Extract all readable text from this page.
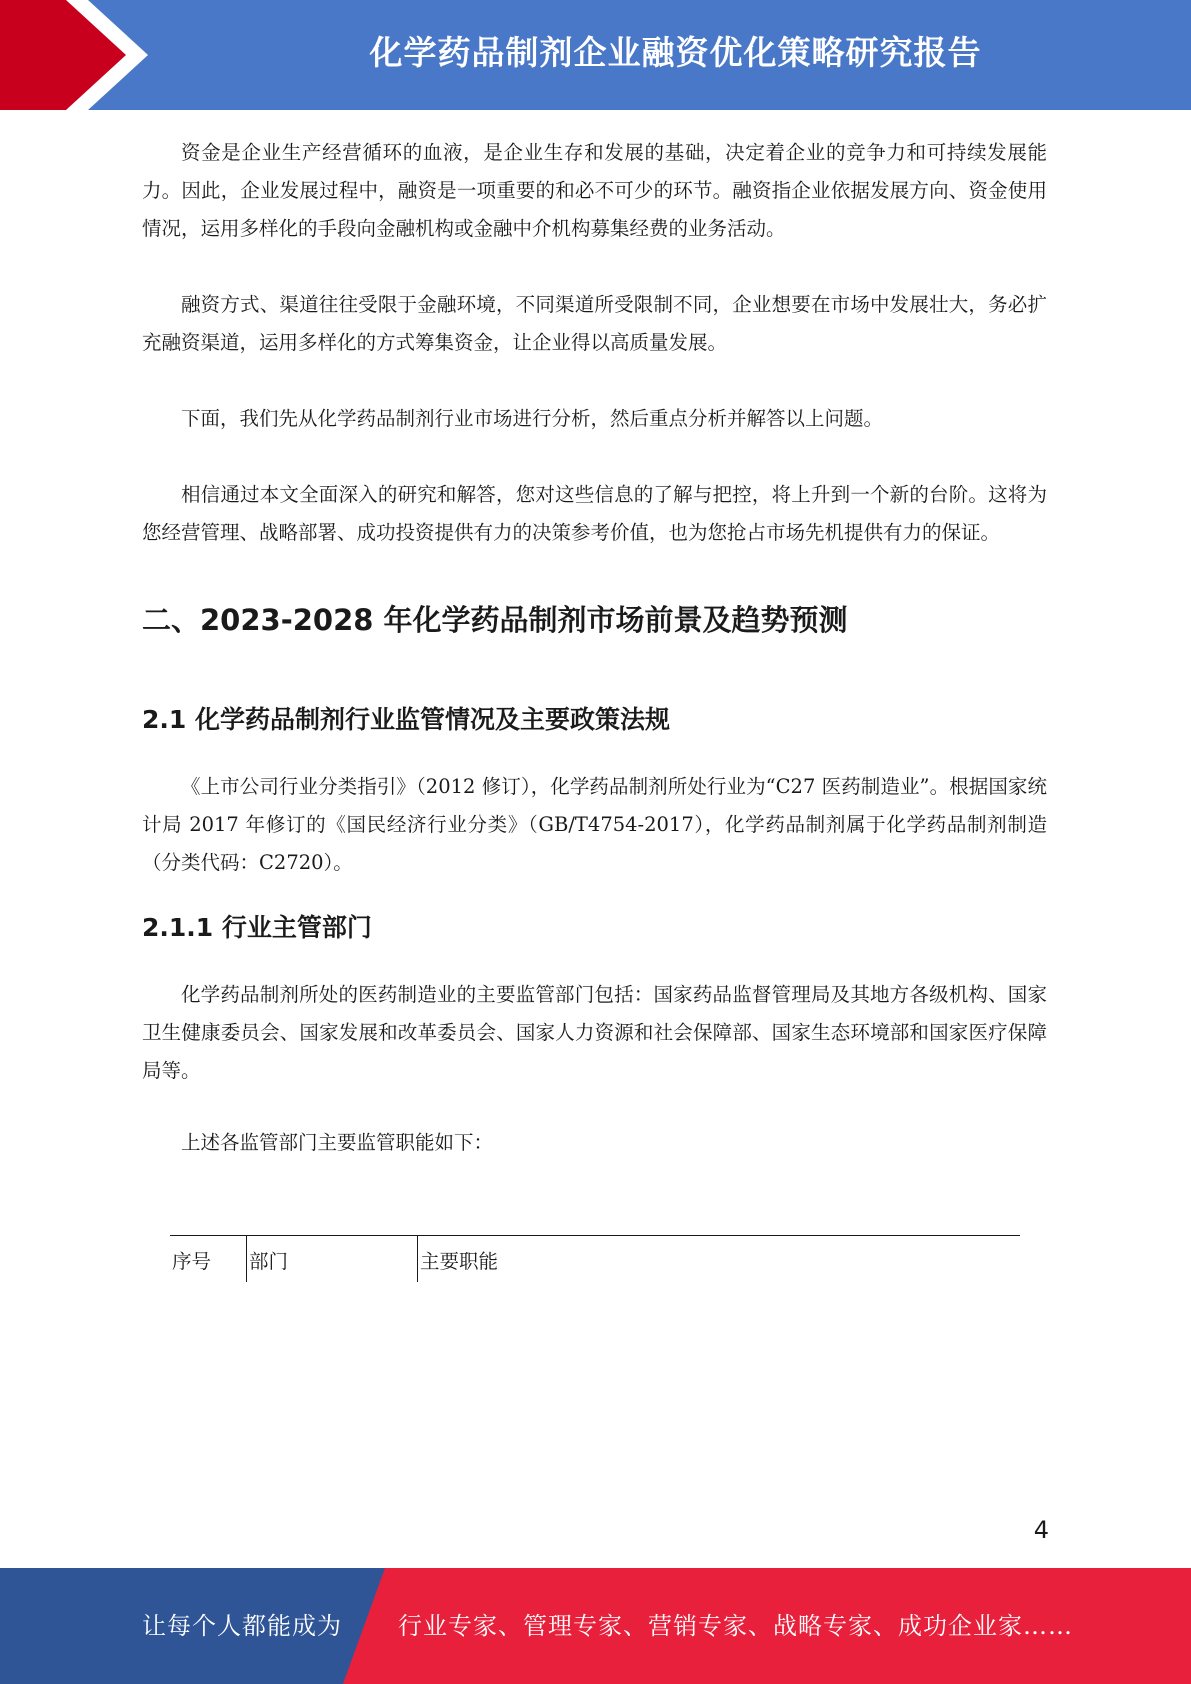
化学药品制剂企业融资优化策略研究报告

资金是企业生产经营循环的血液，是企业生存和发展的基础，决定着企业的竞争力和可持续发展能力。因此，企业发展过程中，融资是一项重要的和必不可少的环节。融资指企业依据发展方向、资金使用情况，运用多样化的手段向金融机构或金融中介机构募集经费的业务活动。

融资方式、渠道往往受限于金融环境，不同渠道所受限制不同，企业想要在市场中发展壮大，务必扩充融资渠道，运用多样化的方式筹集资金，让企业得以高质量发展。

下面，我们先从化学药品制剂行业市场进行分析，然后重点分析并解答以上问题。

相信通过本文全面深入的研究和解答，您对这些信息的了解与把控，将上升到一个新的台阶。这将为您经营管理、战略部署、成功投资提供有力的决策参考价值，也为您抢占市场先机提供有力的保证。

二、2023-2028 年化学药品制剂市场前景及趋势预测
2.1 化学药品制剂行业监管情况及主要政策法规

《上市公司行业分类指引》（2012 修订），化学药品制剂所处行业为“C27 医药制造业”。根据国家统计局 2017 年修订的《国民经济行业分类》（GB/T4754-2017），化学药品制剂属于化学药品制剂制造（分类代码：C2720）。

2.1.1 行业主管部门

化学药品制剂所处的医药制造业的主要监管部门包括：国家药品监督管理局及其地方各级机构、国家卫生健康委员会、国家发展和改革委员会、国家人力资源和社会保障部、国家生态环境部和国家医疗保障局等。

上述各监管部门主要监管职能如下：

序号	部门	主要职能
4
让每个人都能成为 行业专家、管理专家、营销专家、战略专家、成功企业家……
